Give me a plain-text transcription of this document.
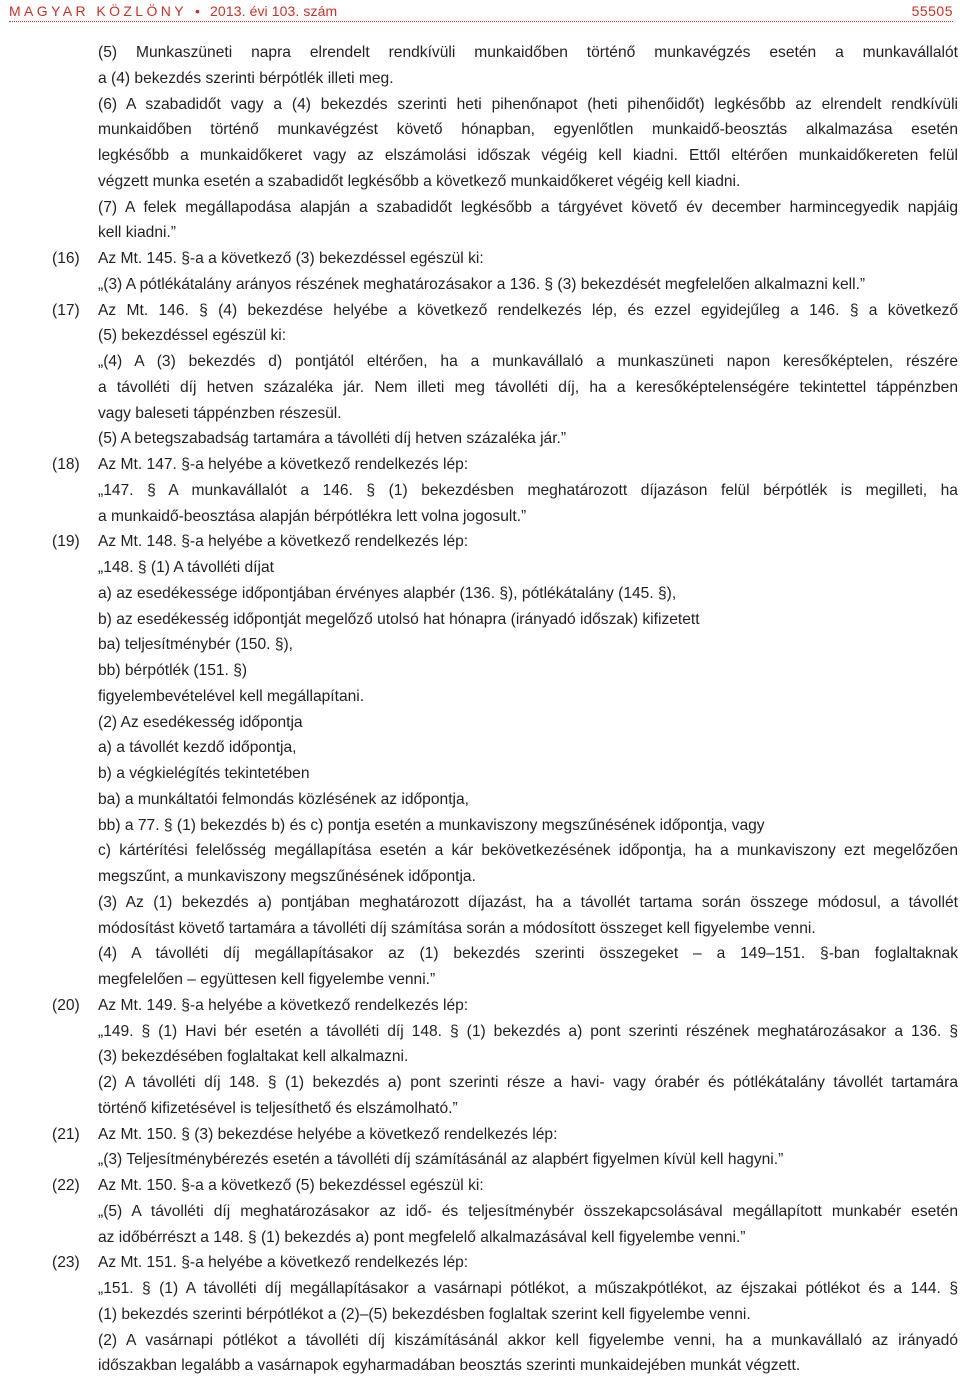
MAGYAR KÖZLÖNY • 2013. évi 103. szám	55505
(5) Munkaszüneti napra elrendelt rendkívüli munkaidőben történő munkavégzés esetén a munkavállalót
a (4) bekezdés szerinti bérpótlék illeti meg.
(6) A szabadidőt vagy a (4) bekezdés szerinti heti pihenőnapot (heti pihenőidőt) legkésőbb az elrendelt rendkívüli
munkaidőben történő munkavégzést követő hónapban, egyenlőtlen munkaidő-beosztás alkalmazása esetén
legkésőbb a munkaidőkeret vagy az elszámolási időszak végéig kell kiadni. Ettől eltérően munkaidőkereten felül
végzett munka esetén a szabadidőt legkésőbb a következő munkaidőkeret végéig kell kiadni.
(7) A felek megállapodása alapján a szabadidőt legkésőbb a tárgyévet követő év december harmincegyedik napjáig
kell kiadni.”
(16) Az Mt. 145. §-a a következő (3) bekezdéssel egészül ki:
„(3) A pótlékátalány arányos részének meghatározásakor a 136. § (3) bekezdését megfelelően alkalmazni kell.”
(17) Az Mt. 146. § (4) bekezdése helyébe a következő rendelkezés lép, és ezzel egyidejűleg a 146. § a következő
(5) bekezdéssel egészül ki:
„(4) A (3) bekezdés d) pontjától eltérően, ha a munkavállaló a munkaszüneti napon keresőképtelen, részére
a távolléti díj hetven százaléka jár. Nem illeti meg távolléti díj, ha a keresőképtelenségére tekintettel táppénzben
vagy baleseti táppénzben részesül.
(5) A betegszabadság tartamára a távolléti díj hetven százaléka jár.”
(18) Az Mt. 147. §-a helyébe a következő rendelkezés lép:
„147. § A munkavállalót a 146. § (1) bekezdésben meghatározott díjazáson felül bérpótlék is megilleti, ha
a munkaidő-beosztása alapján bérpótlékra lett volna jogosult.”
(19) Az Mt. 148. §-a helyébe a következő rendelkezés lép:
„148. § (1) A távolléti díjat
a) az esedékessége időpontjában érvényes alapbér (136. §), pótlékátalány (145. §),
b) az esedékesség időpontját megelőző utolsó hat hónapra (irányadó időszak) kifizetett
ba) teljesítménybér (150. §),
bb) bérpótlék (151. §)
figyelembevételével kell megállapítani.
(2) Az esedékesség időpontja
a) a távollét kezdő időpontja,
b) a végkielégítés tekintetében
ba) a munkáltatói felmondás közlésének az időpontja,
bb) a 77. § (1) bekezdés b) és c) pontja esetén a munkaviszony megszűnésének időpontja, vagy
c) kártérítési felelősség megállapítása esetén a kár bekövetkezésének időpontja, ha a munkaviszony ezt megelőzően
megszűnt, a munkaviszony megszűnésének időpontja.
(3) Az (1) bekezdés a) pontjában meghatározott díjazást, ha a távollét tartama során összege módosul, a távollét
módosítást követő tartamára a távolléti díj számítása során a módosított összeget kell figyelembe venni.
(4) A távolléti díj megállapításakor az (1) bekezdés szerinti összegeket – a 149–151. §-ban foglaltaknak
megfelelően – együttesen kell figyelembe venni.”
(20) Az Mt. 149. §-a helyébe a következő rendelkezés lép:
„149. § (1) Havi bér esetén a távolléti díj 148. § (1) bekezdés a) pont szerinti részének meghatározásakor a 136. §
(3) bekezdésében foglaltakat kell alkalmazni.
(2) A távolléti díj 148. § (1) bekezdés a) pont szerinti része a havi- vagy órabér és pótlékátalány távollét tartamára
történő kifizetésével is teljesíthető és elszámolható.”
(21) Az Mt. 150. § (3) bekezdése helyébe a következő rendelkezés lép:
„(3) Teljesítménybérezés esetén a távolléti díj számításánál az alapbért figyelmen kívül kell hagyni.”
(22) Az Mt. 150. §-a a következő (5) bekezdéssel egészül ki:
„(5) A távolléti díj meghatározásakor az idő- és teljesítménybér összekapcsolásával megállapított munkabér esetén
az időbérrészt a 148. § (1) bekezdés a) pont megfelelő alkalmazásával kell figyelembe venni.”
(23) Az Mt. 151. §-a helyébe a következő rendelkezés lép:
„151. § (1) A távolléti díj megállapításakor a vasárnapi pótlékot, a műszakpótlékot, az éjszakai pótlékot és a 144. §
(1) bekezdés szerinti bérpótlékot a (2)–(5) bekezdésben foglaltak szerint kell figyelembe venni.
(2) A vasárnapi pótlékot a távolléti díj kiszámításánál akkor kell figyelembe venni, ha a munkavállaló az irányadó
időszakban legalább a vasárnapok egyharmadában beosztás szerinti munkaidejében munkát végzett.
